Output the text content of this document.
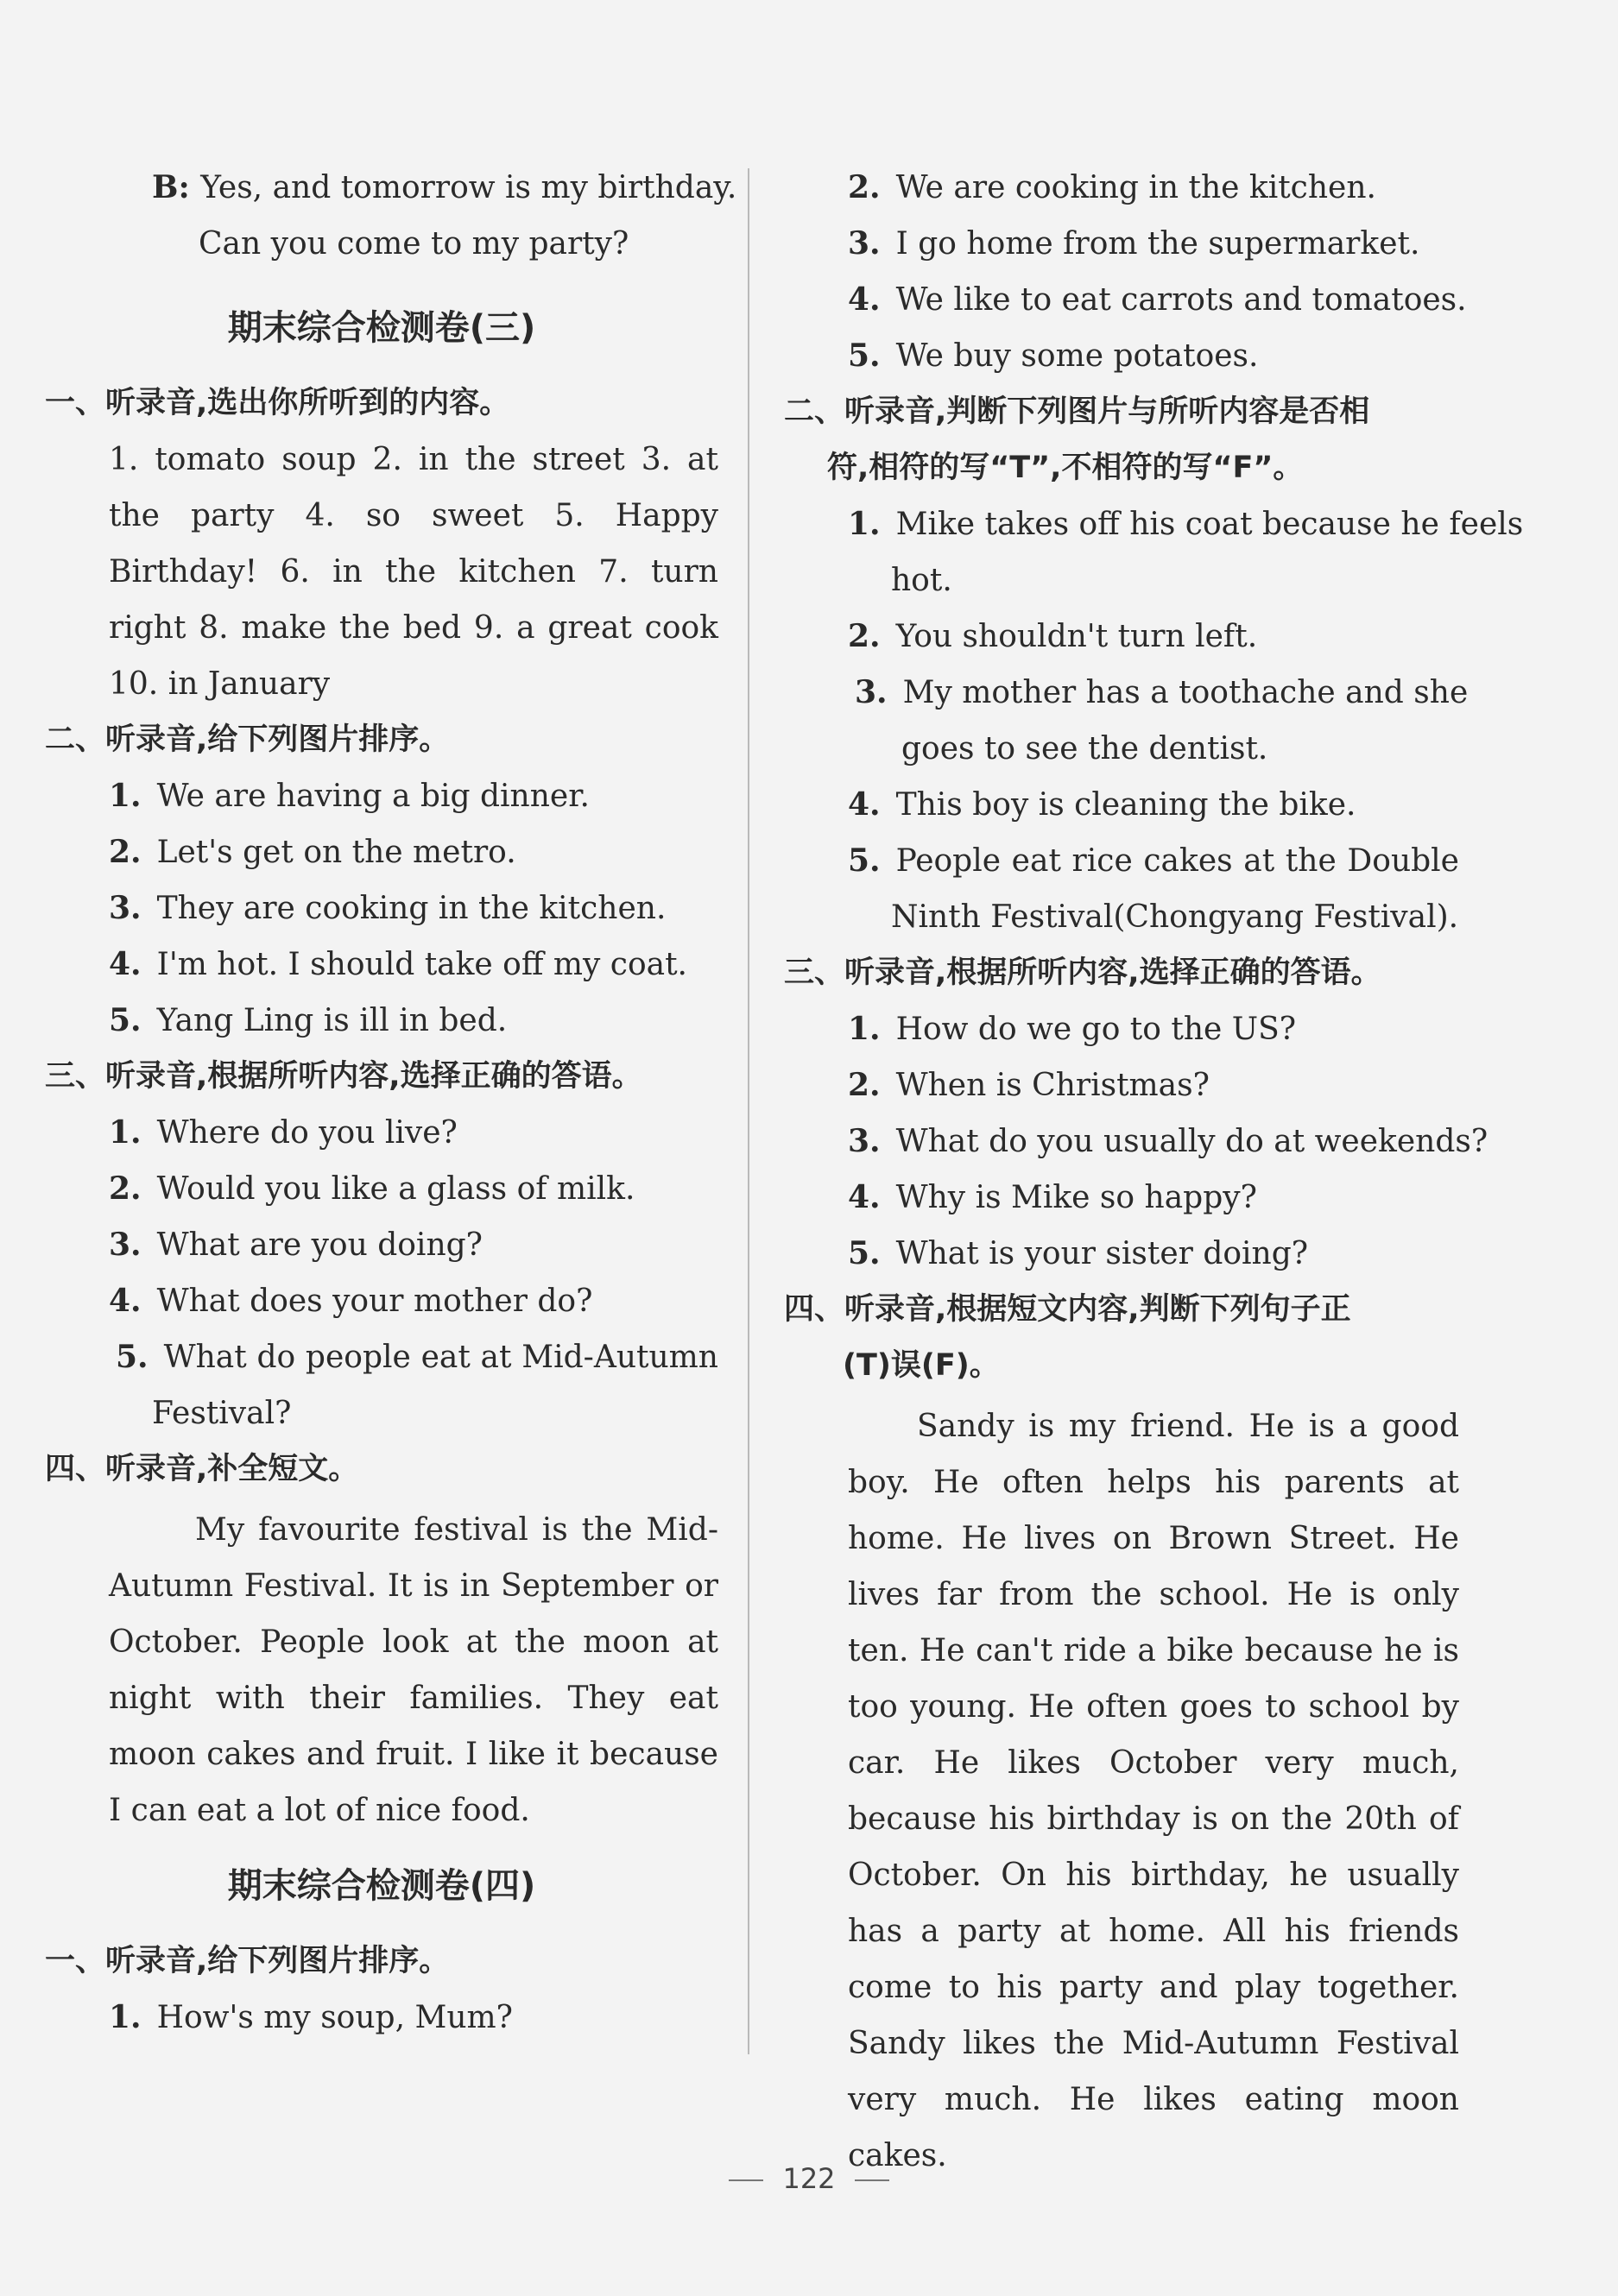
B: Yes, and tomorrow is my birthday.
Can you come to my party?
期末综合检测卷(三)
一、听录音,选出你所听到的内容。
1. tomato soup 2. in the street 3. at
the party 4. so sweet 5. Happy
Birthday! 6. in the kitchen 7. turn
right 8. make the bed 9. a great cook
10. in January
二、听录音,给下列图片排序。
1. We are having a big dinner.
2. Let's get on the metro.
3. They are cooking in the kitchen.
4. I'm hot. I should take off my coat.
5. Yang Ling is ill in bed.
三、听录音,根据所听内容,选择正确的答语。
1. Where do you live?
2. Would you like a glass of milk.
3. What are you doing?
4. What does your mother do?
5. What do people eat at Mid-Autumn
Festival?
四、听录音,补全短文。
My favourite festival is the Mid-Autumn Festival. It is in September or October. People look at the moon at night with their families. They eat moon cakes and fruit. I like it because I can eat a lot of nice food.
期末综合检测卷(四)
一、听录音,给下列图片排序。
1. How's my soup, Mum?
2. We are cooking in the kitchen.
3. I go home from the supermarket.
4. We like to eat carrots and tomatoes.
5. We buy some potatoes.
二、听录音,判断下列图片与所听内容是否相
符,相符的写“T”,不相符的写“F”。
1. Mike takes off his coat because he feels
hot.
2. You shouldn't turn left.
3. My mother has a toothache and she
goes to see the dentist.
4. This boy is cleaning the bike.
5. People eat rice cakes at the Double
Ninth Festival(Chongyang Festival).
三、听录音,根据所听内容,选择正确的答语。
1. How do we go to the US?
2. When is Christmas?
3. What do you usually do at weekends?
4. Why is Mike so happy?
5. What is your sister doing?
四、听录音,根据短文内容,判断下列句子正
(T)误(F)。
Sandy is my friend. He is a good boy. He often helps his parents at home. He lives on Brown Street. He lives far from the school. He is only ten. He can't ride a bike because he is too young. He often goes to school by car. He likes October very much, because his birthday is on the 20th of October. On his birthday, he usually has a party at home. All his friends come to his party and play together. Sandy likes the Mid-Autumn Festival very much. He likes eating moon cakes.
122
